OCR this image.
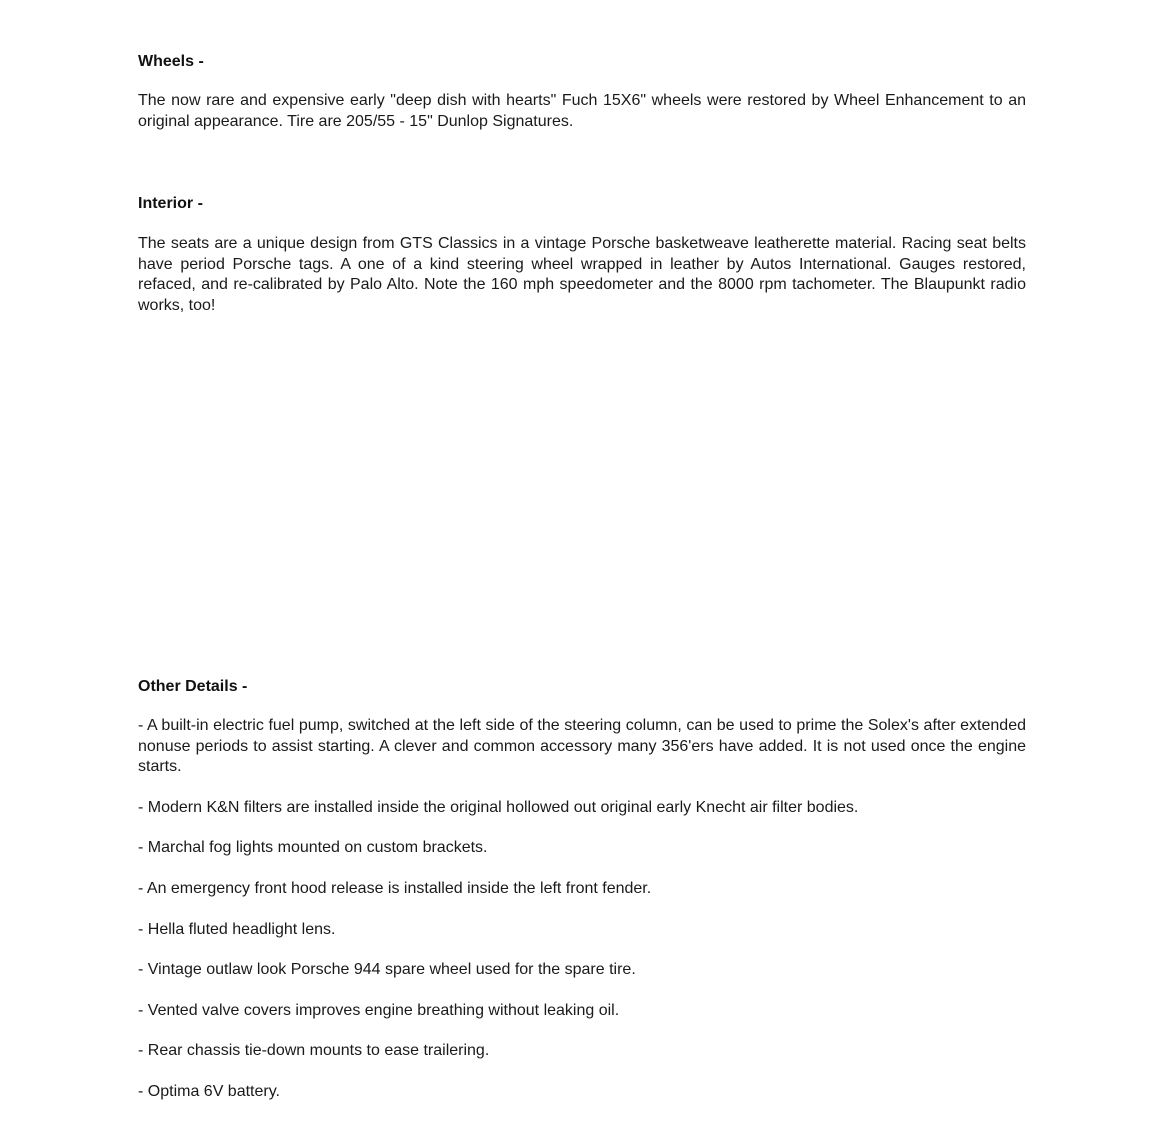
Wheels -

The now rare and expensive early "deep dish with hearts" Fuch 15X6" wheels were restored by Wheel Enhancement to an original appearance. Tire are 205/55 - 15" Dunlop Signatures.

Interior -

The seats are a unique design from GTS Classics in a vintage Porsche basketweave leatherette material. Racing seat belts have period Porsche tags. A one of a kind steering wheel wrapped in leather by Autos International. Gauges restored, refaced, and re-calibrated by Palo Alto. Note the 160 mph speedometer and the 8000 rpm tachometer. The Blaupunkt radio works, too!

Other Details -

- A built-in electric fuel pump, switched at the left side of the steering column, can be used to prime the Solex's after extended nonuse periods to assist starting. A clever and common accessory many 356'ers have added. It is not used once the engine starts.

- Modern K&N filters are installed inside the original hollowed out original early Knecht air filter bodies.

- Marchal fog lights mounted on custom brackets.

- An emergency front hood release is installed inside the left front fender.

- Hella fluted headlight lens.

- Vintage outlaw look Porsche 944 spare wheel used for the spare tire.

- Vented valve covers improves engine breathing without leaking oil.

- Rear chassis tie-down mounts to ease trailering.

- Optima 6V battery.
